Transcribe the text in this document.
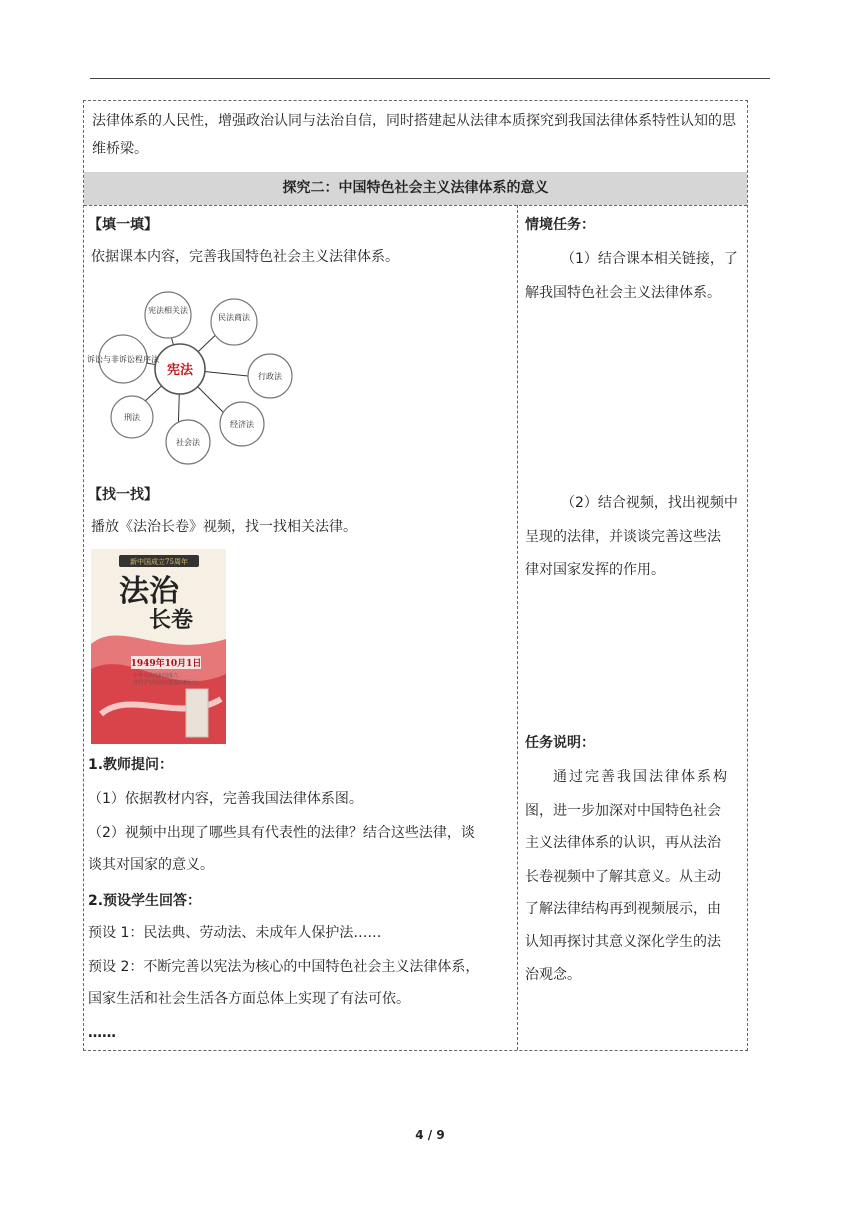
法律体系的人民性，增强政治认同与法治自信，同时搭建起从法律本质探究到我国法律体系特性认知的思维桥梁。

探究二：中国特色社会主义法律体系的意义

【填一填】

依据课本内容，完善我国特色社会主义法律体系。

宪法相关法
民法商法
行政法
经济法
社会法
刑法
诉讼与非诉讼程序法
宪法

【找一找】

播放《法治长卷》视频，找一找相关法律。

新中国成立75周年
法治
长卷
1949年10月1日
中华人民共和国成立，
开启了中国法治建设的新纪元。

1.教师提问：

（1）依据教材内容，完善我国法律体系图。

（2）视频中出现了哪些具有代表性的法律？结合这些法律，谈

谈其对国家的意义。

2.预设学生回答：

预设 1：民法典、劳动法、未成年人保护法……

预设 2：不断完善以宪法为核心的中国特色社会主义法律体系，

国家生活和社会生活各方面总体上实现了有法可依。

……

情境任务：

（1）结合课本相关链接，了

解我国特色社会主义法律体系。

（2）结合视频，找出视频中

呈现的法律，并谈谈完善这些法

律对国家发挥的作用。

任务说明：

通过完善我国法律体系构

图，进一步加深对中国特色社会

主义法律体系的认识，再从法治

长卷视频中了解其意义。从主动

了解法律结构再到视频展示，由

认知再探讨其意义深化学生的法

治观念。

4 / 9
